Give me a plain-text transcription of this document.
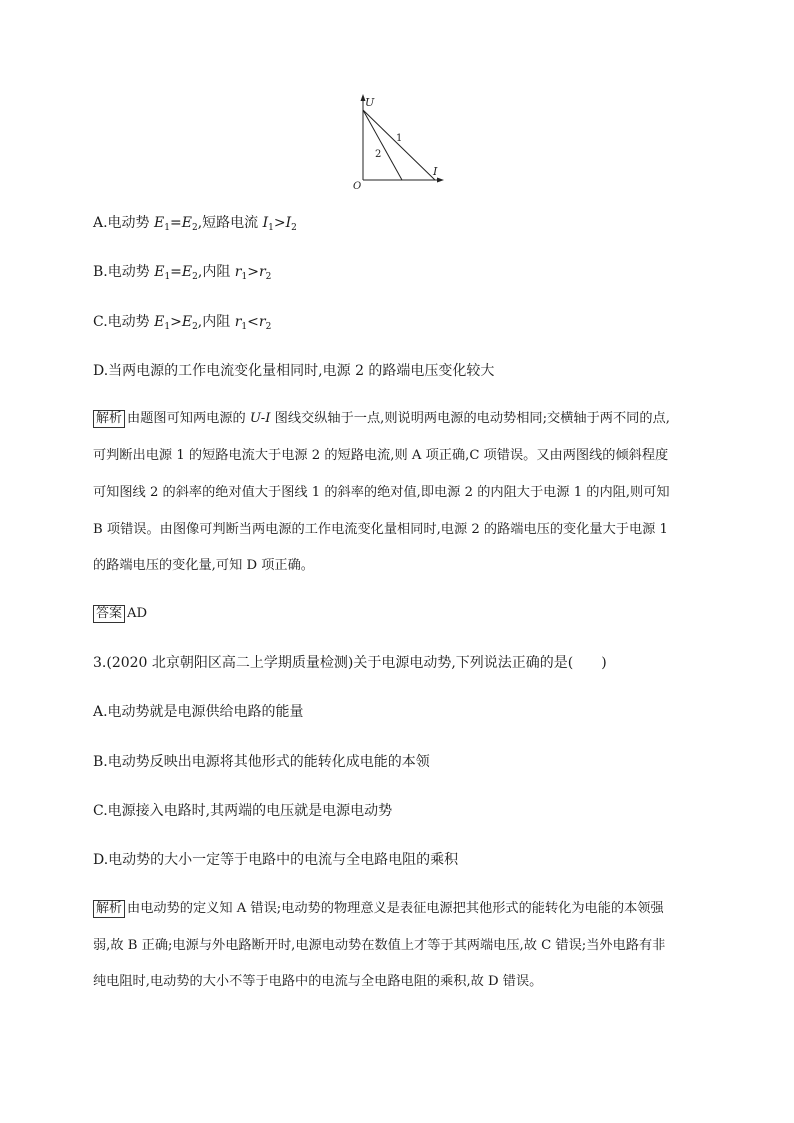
U
I
O
1
2
A.电动势 $E_1=E_2$,短路电流 $I_1>I_2$
B.电动势 $E_1=E_2$,内阻 $r_1>r_2$
C.电动势 $E_1>E_2$,内阻 $r_1<r_2$
D.当两电源的工作电流变化量相同时,电源 2 的路端电压变化较大
解析 由题图可知两电源的 U-I 图线交纵轴于一点,则说明两电源的电动势相同;交横轴于两不同的点,
可判断出电源 1 的短路电流大于电源 2 的短路电流,则 A 项正确,C 项错误。又由两图线的倾斜程度
可知图线 2 的斜率的绝对值大于图线 1 的斜率的绝对值,即电源 2 的内阻大于电源 1 的内阻,则可知
B 项错误。由图像可判断当两电源的工作电流变化量相同时,电源 2 的路端电压的变化量大于电源 1
的路端电压的变化量,可知 D 项正确。
答案 AD
3.(2020 北京朝阳区高二上学期质量检测)关于电源电动势,下列说法正确的是(　　)
A.电动势就是电源供给电路的能量
B.电动势反映出电源将其他形式的能转化成电能的本领
C.电源接入电路时,其两端的电压就是电源电动势
D.电动势的大小一定等于电路中的电流与全电路电阻的乘积
解析 由电动势的定义知 A 错误;电动势的物理意义是表征电源把其他形式的能转化为电能的本领强
弱,故 B 正确;电源与外电路断开时,电源电动势在数值上才等于其两端电压,故 C 错误;当外电路有非
纯电阻时,电动势的大小不等于电路中的电流与全电路电阻的乘积,故 D 错误。
